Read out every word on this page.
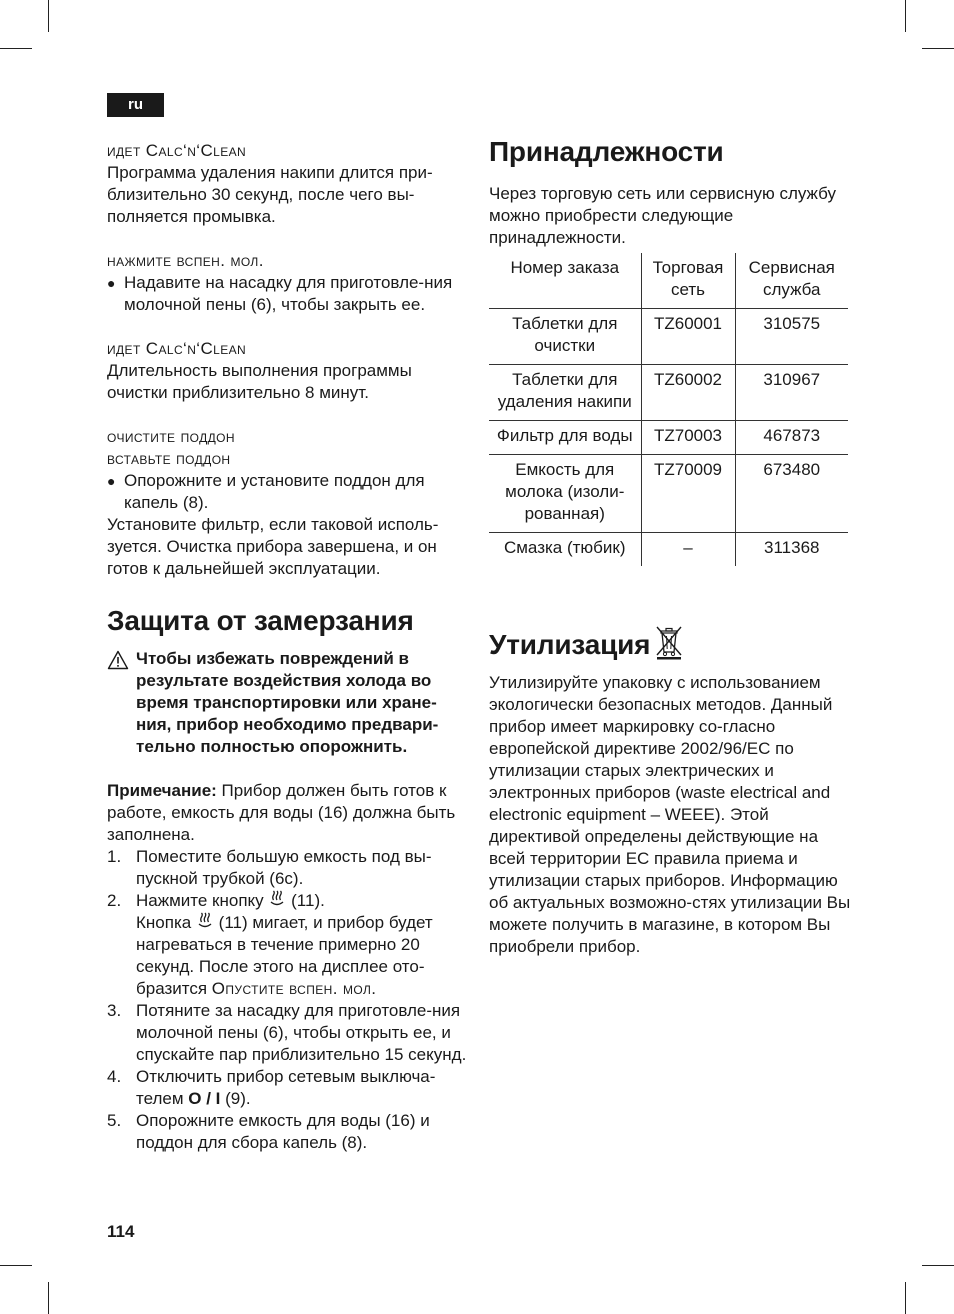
ru

идет Calc‘n‘Clean

Программа удаления накипи длится при-близительно 30 секунд, после чего вы-полняется промывка.

нажмите вспен. мол.

● Надавите на насадку для приготовле-ния молочной пены (6), чтобы закрыть ее.

идет Calc‘n‘Clean

Длительность выполнения программы очистки приблизительно 8 минут.

очистите поддон

вставьте поддон

● Опорожните и установите поддон для капель (8).

Установите фильтр, если таковой исполь-зуется. Очистка прибора завершена, и он готов к дальнейшей эксплуатации.

Защита от замерзания
Чтобы избежать повреждений в результате воздействия холода во время транспортировки или хране-ния, прибор необходимо предвари-тельно полностью опорожнить.

Примечание: Прибор должен быть готов к работе, емкость для воды (16) должна быть заполнена.

1. Поместите большую емкость под вы-пускной трубкой (6c).
2. Нажмите кнопку  (11).
Кнопка  (11) мигает, и прибор будет нагреваться в течение примерно 20 секунд. После этого на дисплее ото-бразится Опустите вспен. мол.
3. Потяните за насадку для приготовле-ния молочной пены (6), чтобы открыть ее, и спускайте пар приблизительно 15 секунд.
4. Отключить прибор сетевым выключа-телем O / I (9).
5. Опорожните емкость для воды (16) и поддон для сбора капель (8).
Принадлежности

Через торговую сеть или сервисную службу можно приобрести следующие принадлежности.

Номер заказа	Торговая сеть	Сервисная служба
Таблетки для очистки	TZ60001	310575
Таблетки для удаления накипи	TZ60002	310967
Фильтр для воды	TZ70003	467873
Емкость для молока (изоли-рованная)	TZ70009	673480
Смазка (тюбик)	–	311368
Утилизация

Утилизируйте упаковку с использованием экологически безопасных методов. Данный прибор имеет маркировку со-гласно европейской директиве 2002/96/EC по утилизации старых электрических и электронных приборов (waste electrical and electronic equipment – WEEE). Этой директивой определены действующие на всей территории ЕС правила приема и утилизации старых приборов. Информацию об актуальных возможно-стях утилизации Вы можете получить в магазине, в котором Вы приобрели прибор.

114
